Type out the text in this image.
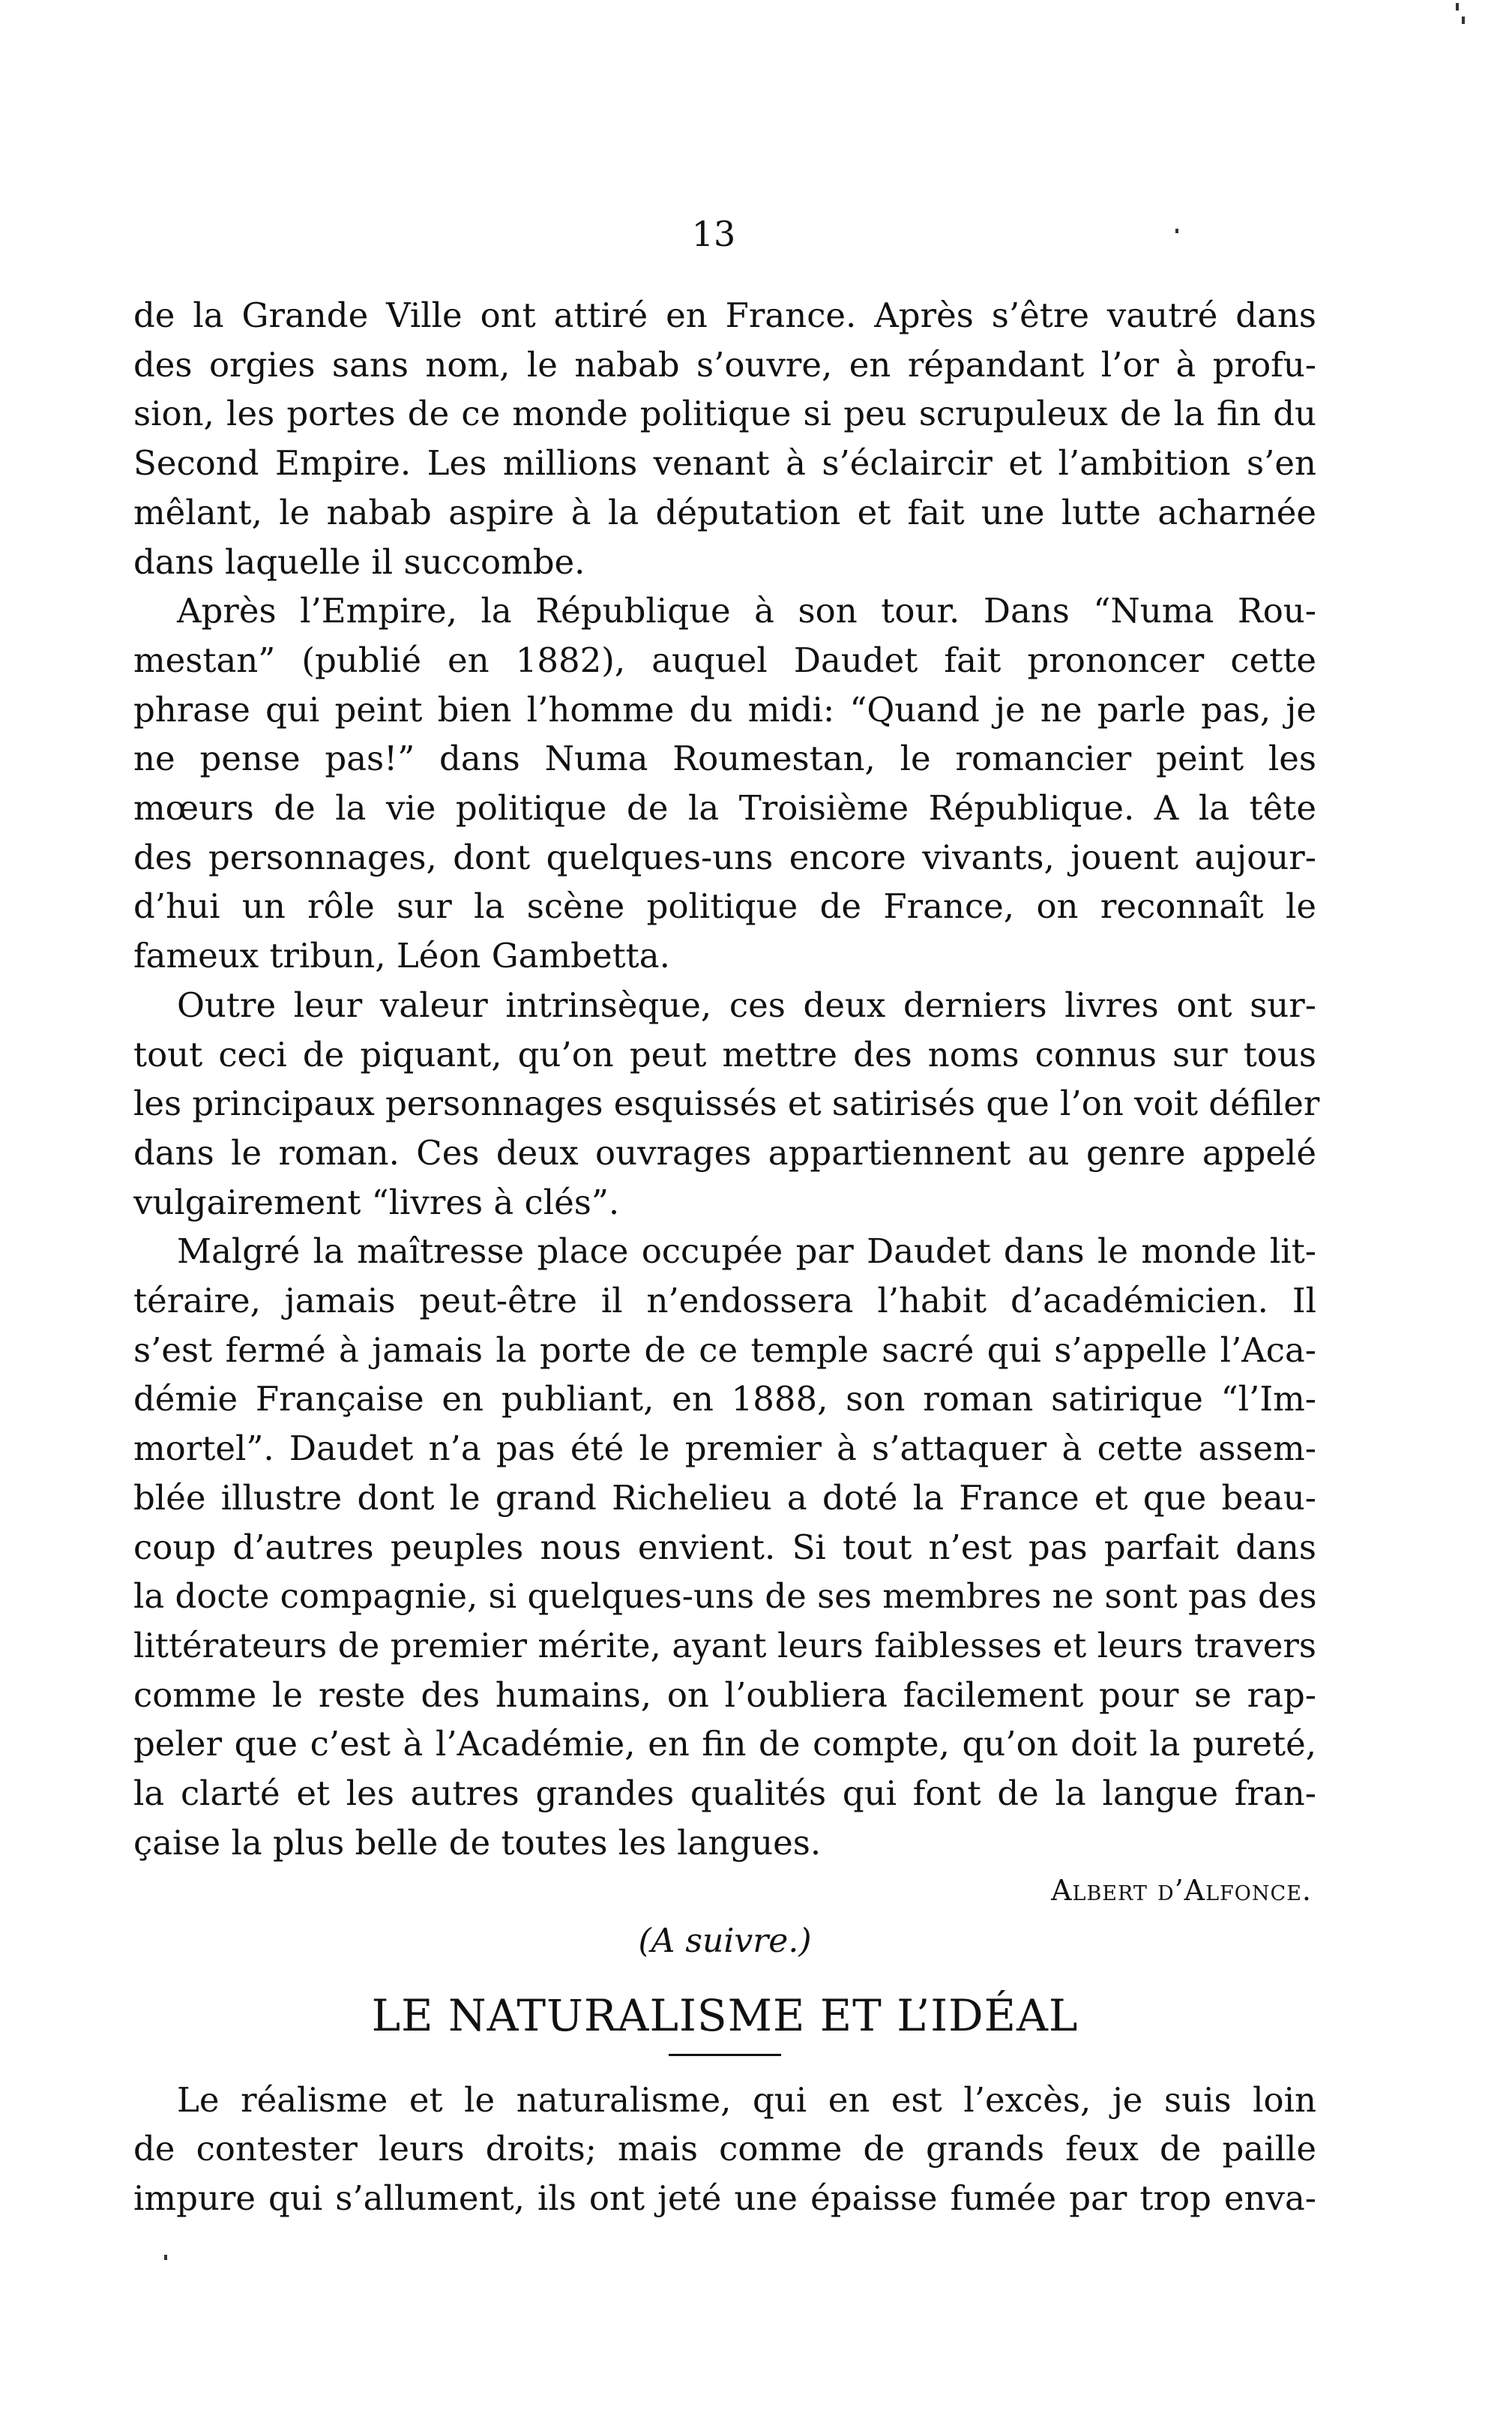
13

de la Grande Ville ont attiré en France. Après s’être vautré dans
des orgies sans nom, le nabab s’ouvre, en répandant l’or à profu-
sion, les portes de ce monde politique si peu scrupuleux de la fin du
Second Empire. Les millions venant à s’éclaircir et l’ambition s’en
mêlant, le nabab aspire à la députation et fait une lutte acharnée
dans laquelle il succombe.

Après l’Empire, la République à son tour. Dans “Numa Rou-
mestan” (publié en 1882), auquel Daudet fait prononcer cette
phrase qui peint bien l’homme du midi: “Quand je ne parle pas, je
ne pense pas!” dans Numa Roumestan, le romancier peint les
mœurs de la vie politique de la Troisième République. A la tête
des personnages, dont quelques-uns encore vivants, jouent aujour-
d’hui un rôle sur la scène politique de France, on reconnaît le
fameux tribun, Léon Gambetta.

Outre leur valeur intrinsèque, ces deux derniers livres ont sur-
tout ceci de piquant, qu’on peut mettre des noms connus sur tous
les principaux personnages esquissés et satirisés que l’on voit défiler
dans le roman. Ces deux ouvrages appartiennent au genre appelé
vulgairement “livres à clés”.

Malgré la maîtresse place occupée par Daudet dans le monde lit-
téraire, jamais peut-être il n’endossera l’habit d’académicien. Il
s’est fermé à jamais la porte de ce temple sacré qui s’appelle l’Aca-
démie Française en publiant, en 1888, son roman satirique “l’Im-
mortel”. Daudet n’a pas été le premier à s’attaquer à cette assem-
blée illustre dont le grand Richelieu a doté la France et que beau-
coup d’autres peuples nous envient. Si tout n’est pas parfait dans
la docte compagnie, si quelques-uns de ses membres ne sont pas des
littérateurs de premier mérite, ayant leurs faiblesses et leurs travers
comme le reste des humains, on l’oubliera facilement pour se rap-
peler que c’est à l’Académie, en fin de compte, qu’on doit la pureté,
la clarté et les autres grandes qualités qui font de la langue fran-
çaise la plus belle de toutes les langues.

Albert d’Alfonce.

(A suivre.)

LE NATURALISME ET L’IDÉAL

Le réalisme et le naturalisme, qui en est l’excès, je suis loin
de contester leurs droits; mais comme de grands feux de paille
impure qui s’allument, ils ont jeté une épaisse fumée par trop enva-
